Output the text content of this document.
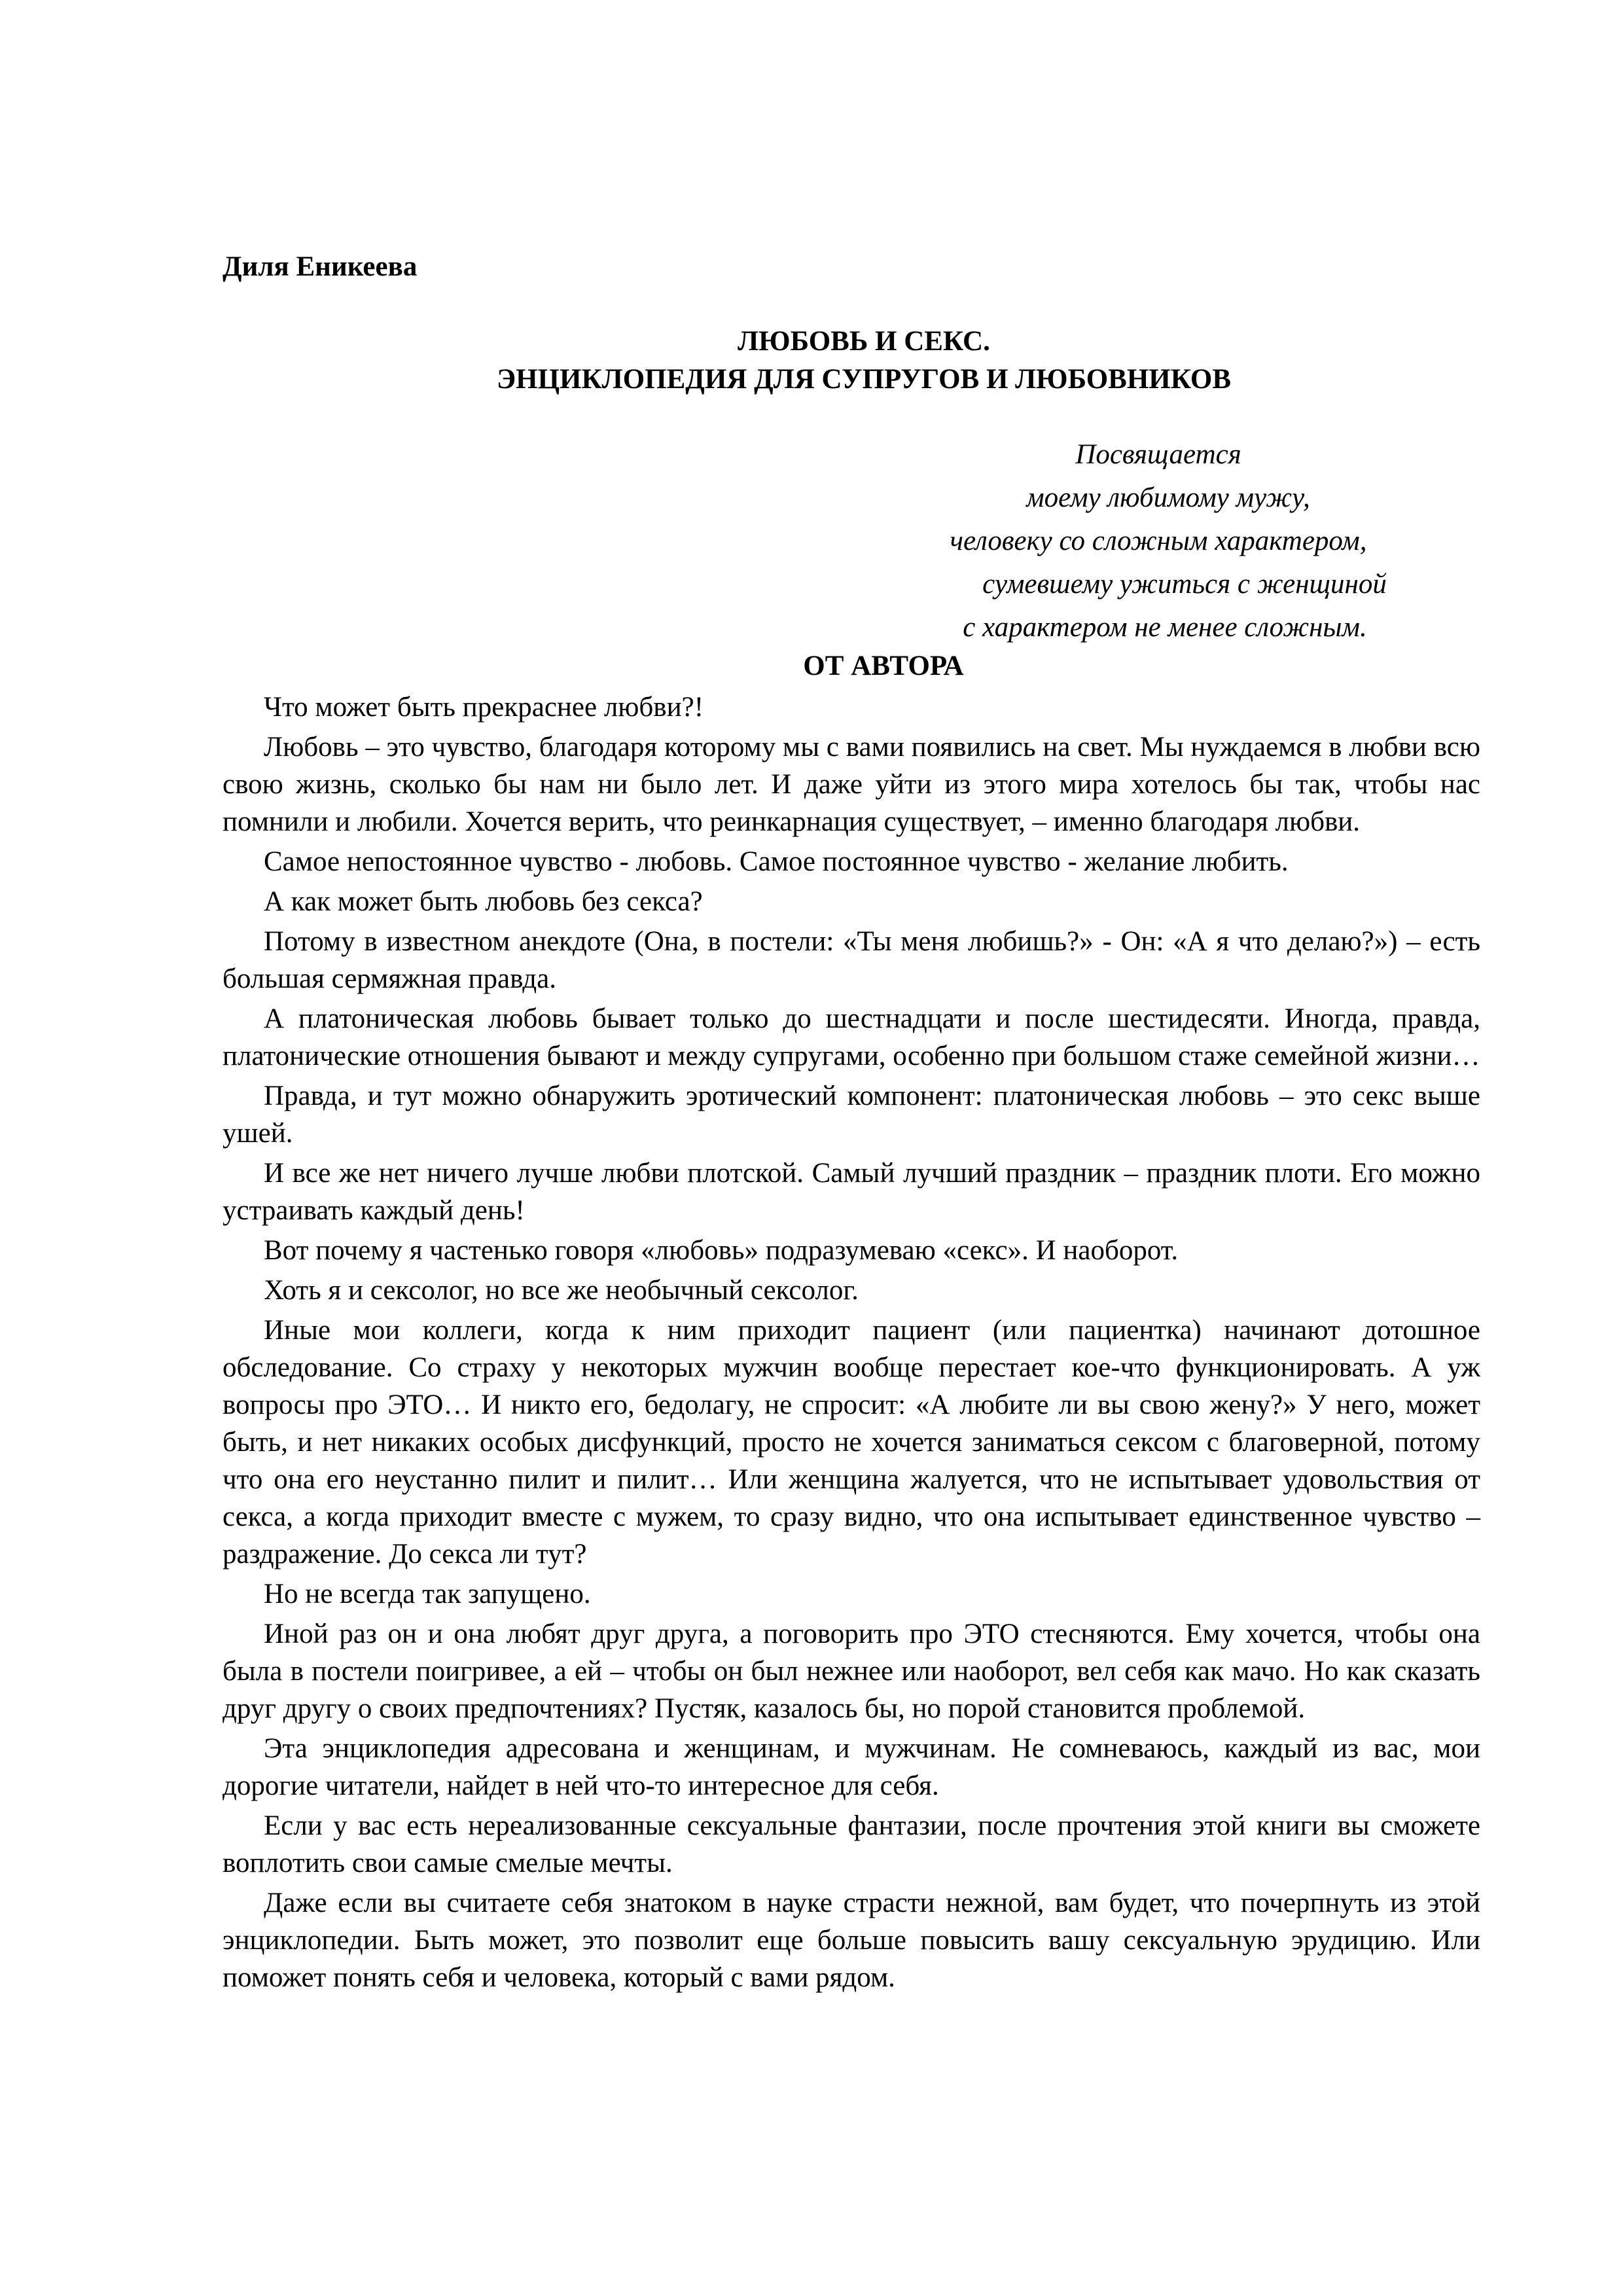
Диля Еникеева
ЛЮБОВЬ И СЕКС.
ЭНЦИКЛОПЕДИЯ ДЛЯ СУПРУГОВ И ЛЮБОВНИКОВ
Посвящается
моему любимому мужу,
человеку со сложным характером,
сумевшему ужиться с женщиной
с характером не менее сложным.
ОТ АВТОРА

Что может быть прекраснее любви?!

Любовь – это чувство, благодаря которому мы с вами появились на свет. Мы нуждаемся в любви всю свою жизнь, сколько бы нам ни было лет. И даже уйти из этого мира хотелось бы так, чтобы нас помнили и любили. Хочется верить, что реинкарнация существует, – именно благодаря любви.

Самое непостоянное чувство - любовь. Самое постоянное чувство - желание любить.

А как может быть любовь без секса?

Потому в известном анекдоте (Она, в постели: «Ты меня любишь?» - Он: «А я что делаю?») – есть большая сермяжная правда.

А платоническая любовь бывает только до шестнадцати и после шестидесяти. Иногда, правда, платонические отношения бывают и между супругами, особенно при большом стаже семейной жизни…

Правда, и тут можно обнаружить эротический компонент: платоническая любовь – это секс выше ушей.

И все же нет ничего лучше любви плотской. Самый лучший праздник – праздник плоти. Его можно устраивать каждый день!

Вот почему я частенько говоря «любовь» подразумеваю «секс». И наоборот.

Хоть я и сексолог, но все же необычный сексолог.

Иные мои коллеги, когда к ним приходит пациент (или пациентка) начинают дотошное обследование. Со страху у некоторых мужчин вообще перестает кое-что функционировать. А уж вопросы про ЭТО… И никто его, бедолагу, не спросит: «А любите ли вы свою жену?» У него, может быть, и нет никаких особых дисфункций, просто не хочется заниматься сексом с благоверной, потому что она его неустанно пилит и пилит… Или женщина жалуется, что не испытывает удовольствия от секса, а когда приходит вместе с мужем, то сразу видно, что она испытывает единственное чувство – раздражение. До секса ли тут?

Но не всегда так запущено.

Иной раз он и она любят друг друга, а поговорить про ЭТО стесняются. Ему хочется, чтобы она была в постели поигривее, а ей – чтобы он был нежнее или наоборот, вел себя как мачо. Но как сказать друг другу о своих предпочтениях? Пустяк, казалось бы, но порой становится проблемой.

Эта энциклопедия адресована и женщинам, и мужчинам. Не сомневаюсь, каждый из вас, мои дорогие читатели, найдет в ней что-то интересное для себя.

Если у вас есть нереализованные сексуальные фантазии, после прочтения этой книги вы сможете воплотить свои самые смелые мечты.

Даже если вы считаете себя знатоком в науке страсти нежной, вам будет, что почерпнуть из этой энциклопедии. Быть может, это позволит еще больше повысить вашу сексуальную эрудицию. Или поможет понять себя и человека, который с вами рядом.
